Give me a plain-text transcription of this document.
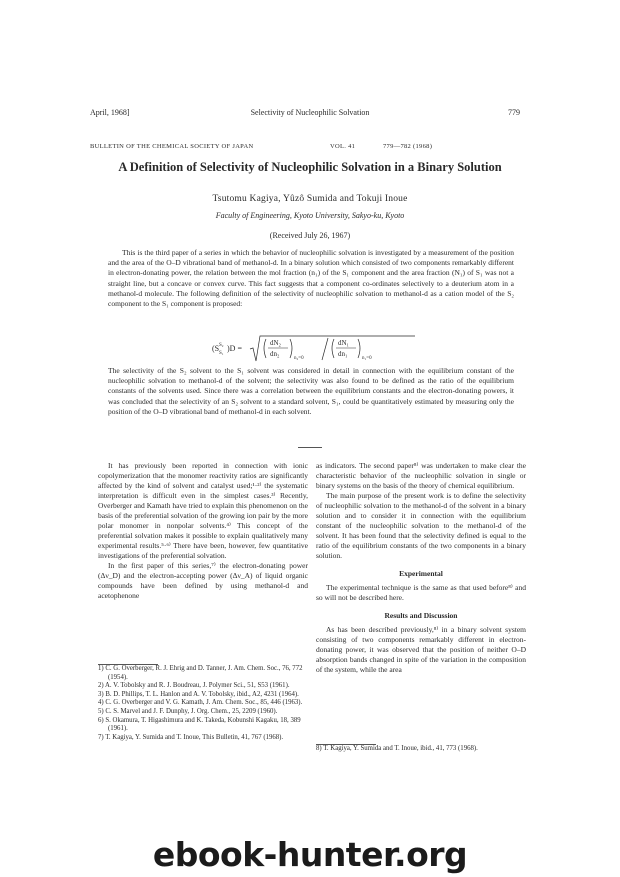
April, 1968]	Selectivity of Nucleophilic Solvation	779
BULLETIN OF THE CHEMICAL SOCIETY OF JAPAN	VOL. 41	779—782 (1968)
A Definition of Selectivity of Nucleophilic Solvation in a Binary Solution
Tsutomu Kagiya, Yûzô Sumida and Tokuji Inoue
Faculty of Engineering, Kyoto University, Sakyo-ku, Kyoto
(Received July 26, 1967)

This is the third paper of a series in which the behavior of nucleophilic solvation is investigated by a measurement of the position and the area of the O–D vibrational band of methanol-d. In a binary solution which consisted of two components remarkably different in electron-donating power, the relation between the mol fraction (n₁) of the S₁ component and the area fraction (N₁) of S₁ was not a straight line, but a concave or convex curve. This fact suggests that a component co-ordinates selectively to a deuterium atom in a methanol-d molecule. The following definition of the selectivity of nucleophilic solvation to methanol-d as a cation model of the S₂ component to the S₁ component is proposed:

(S S₂
S₁
)D =
dN₂
dn₂
n₂=0
dN₁
dn₁
n₁=0

The selectivity of the S₂ solvent to the S₁ solvent was considered in detail in connection with the equilibrium constant of the nucleophilic solvation to methanol-d of the solvent; the selectivity was also found to be defined as the ratio of the equilibrium constants of the solvents used. Since there was a correlation between the equilibrium constants and the electron-donating powers, it was concluded that the selectivity of an S₂ solvent to a standard solvent, S₁, could be quantitatively estimated by measuring only the position of the O–D vibrational band of methanol-d in each solvent.

It has previously been reported in connection with ionic copolymerization that the monomer reactivity ratios are significantly affected by the kind of solvent and catalyst used;¹·²⁾ the systematic interpretation is difficult even in the simplest cases.³⁾ Recently, Overberger and Kamath have tried to explain this phenomenon on the basis of the preferential solvation of the growing ion pair by the more polar monomer in nonpolar solvents.⁴⁾ This concept of the preferential solvation makes it possible to explain qualitatively many experimental results.⁵·⁶⁾ There have been, however, few quantitative investigations of the preferential solvation.

In the first paper of this series,⁷⁾ the electron-donating power (Δν_D) and the electron-accepting power (Δν_A) of liquid organic compounds have been defined by using methanol-d and acetophenone

as indicators. The second paper⁸⁾ was undertaken to make clear the characteristic behavior of the nucleophilic solvation in single or binary systems on the basis of the theory of chemical equilibrium.

The main purpose of the present work is to define the selectivity of nucleophilic solvation to the methanol-d of the solvent in a binary solution and to consider it in connection with the equilibrium constant of the nucleophilic solvation to the methanol-d of the solvent. It has been found that the selectivity defined is equal to the ratio of the equilibrium constants of the two components in a binary solution.

Experimental

The experimental technique is the same as that used before⁸⁾ and so will not be described here.

Results and Discussion

As has been described previously,⁸⁾ in a binary solvent system consisting of two components remarkably different in electron-donating power, it was observed that the position of neither O–D absorption bands changed in spite of the variation in the composition of the system, while the area

1) C. G. Overberger, R. J. Ehrig and D. Tanner, J. Am. Chem. Soc., 76, 772 (1954).

2) A. V. Tobolsky and R. J. Boudreau, J. Polymer Sci., 51, S53 (1961).

3) B. D. Phillips, T. L. Hanlon and A. V. Tobolsky, ibid., A2, 4231 (1964).

4) C. G. Overberger and V. G. Kamath, J. Am. Chem. Soc., 85, 446 (1963).

5) C. S. Marvel and J. F. Dunphy, J. Org. Chem., 25, 2209 (1960).

6) S. Okamura, T. Higashimura and K. Takeda, Kobunshi Kagaku, 18, 389 (1961).

7) T. Kagiya, Y. Sumida and T. Inoue, This Bulletin, 41, 767 (1968).

8) T. Kagiya, Y. Sumida and T. Inoue, ibid., 41, 773 (1968).

ebook-hunter.org
